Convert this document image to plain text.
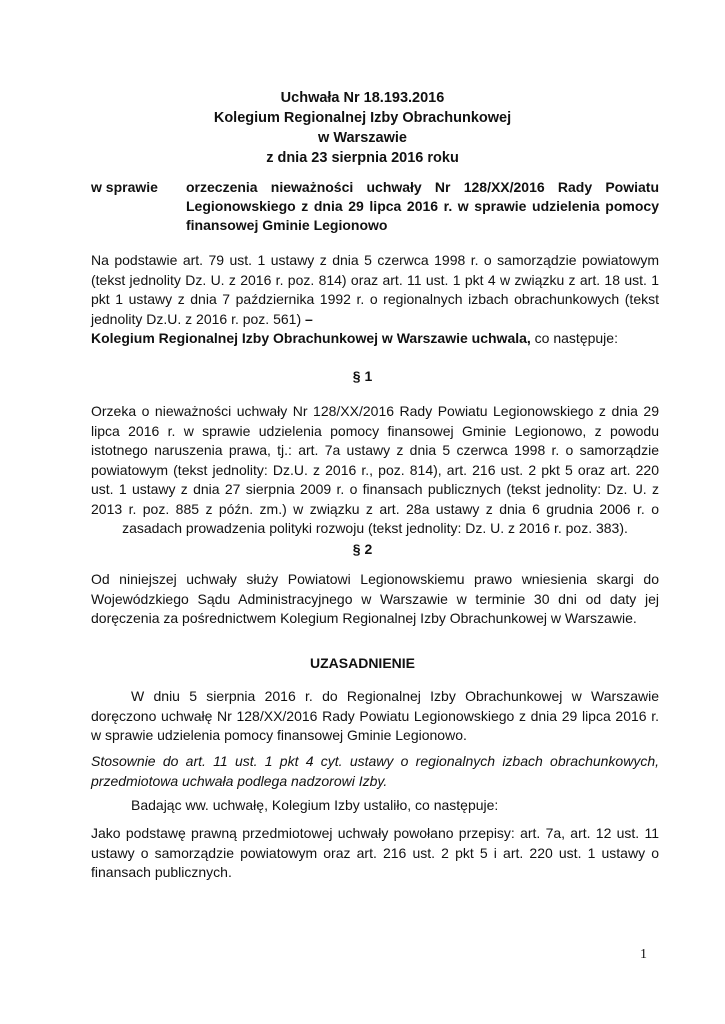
Uchwała Nr 18.193.2016
Kolegium Regionalnej Izby Obrachunkowej
w Warszawie
z dnia 23 sierpnia 2016 roku
w sprawie orzeczenia nieważności uchwały Nr 128/XX/2016 Rady Powiatu Legionowskiego z dnia 29 lipca 2016 r. w sprawie udzielenia pomocy finansowej Gminie Legionowo
Na podstawie art. 79 ust. 1 ustawy z dnia 5 czerwca 1998 r. o samorządzie powiatowym (tekst jednolity Dz. U. z 2016 r. poz. 814) oraz art. 11 ust. 1 pkt 4 w związku z art. 18 ust. 1 pkt 1 ustawy z dnia 7 października 1992 r. o regionalnych izbach obrachunkowych (tekst jednolity Dz.U. z 2016 r. poz. 561) –
Kolegium Regionalnej Izby Obrachunkowej w Warszawie uchwala, co następuje:
§ 1
Orzeka o nieważności uchwały Nr 128/XX/2016 Rady Powiatu Legionowskiego z dnia 29 lipca 2016 r. w sprawie udzielenia pomocy finansowej Gminie Legionowo, z powodu istotnego naruszenia prawa, tj.: art. 7a ustawy z dnia 5 czerwca 1998 r. o samorządzie powiatowym (tekst jednolity: Dz.U. z 2016 r., poz. 814), art. 216 ust. 2 pkt 5 oraz art. 220 ust. 1 ustawy z dnia 27 sierpnia 2009 r. o finansach publicznych (tekst jednolity: Dz. U. z 2013 r. poz. 885 z późn. zm.) w związku z art. 28a ustawy z dnia 6 grudnia 2006 r. o zasadach prowadzenia polityki rozwoju (tekst jednolity: Dz. U. z 2016 r. poz. 383).
§ 2
Od niniejszej uchwały służy Powiatowi Legionowskiemu prawo wniesienia skargi do Wojewódzkiego Sądu Administracyjnego w Warszawie w terminie 30 dni od daty jej doręczenia za pośrednictwem Kolegium Regionalnej Izby Obrachunkowej w Warszawie.
UZASADNIENIE
W dniu 5 sierpnia 2016 r. do Regionalnej Izby Obrachunkowej w Warszawie doręczono uchwałę Nr 128/XX/2016 Rady Powiatu Legionowskiego z dnia 29 lipca 2016 r. w sprawie udzielenia pomocy finansowej Gminie Legionowo.
Stosownie do art. 11 ust. 1 pkt 4 cyt. ustawy o regionalnych izbach obrachunkowych, przedmiotowa uchwała podlega nadzorowi Izby.
Badając ww. uchwałę, Kolegium Izby ustaliło, co następuje:
Jako podstawę prawną przedmiotowej uchwały powołano przepisy: art. 7a, art. 12 ust. 11 ustawy o samorządzie powiatowym oraz art. 216 ust. 2 pkt 5 i art. 220 ust. 1 ustawy o finansach publicznych.
1
